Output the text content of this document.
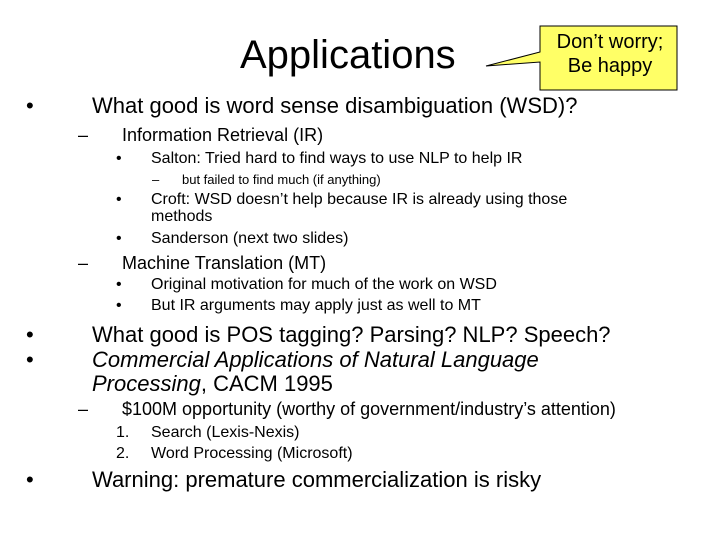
Applications	Don’t worry;
Be happy
•	What good is word sense disambiguation (WSD)?
– Information Retrieval (IR)
• Salton: Tried hard to find ways to use NLP to help IR
– but failed to find much (if anything)
• Croft: WSD doesn’t help because IR is already using those
methods
• Sanderson (next two slides)
– Machine Translation (MT)
• Original motivation for much of the work on WSD
• But IR arguments may apply just as well to MT
•	What good is POS tagging? Parsing? NLP? Speech?
•	Commercial Applications of Natural Language
Processing, CACM 1995
– $100M opportunity (worthy of government/industry’s attention)
1. Search (Lexis-Nexis)
2. Word Processing (Microsoft)
•	Warning: premature commercialization is risky
